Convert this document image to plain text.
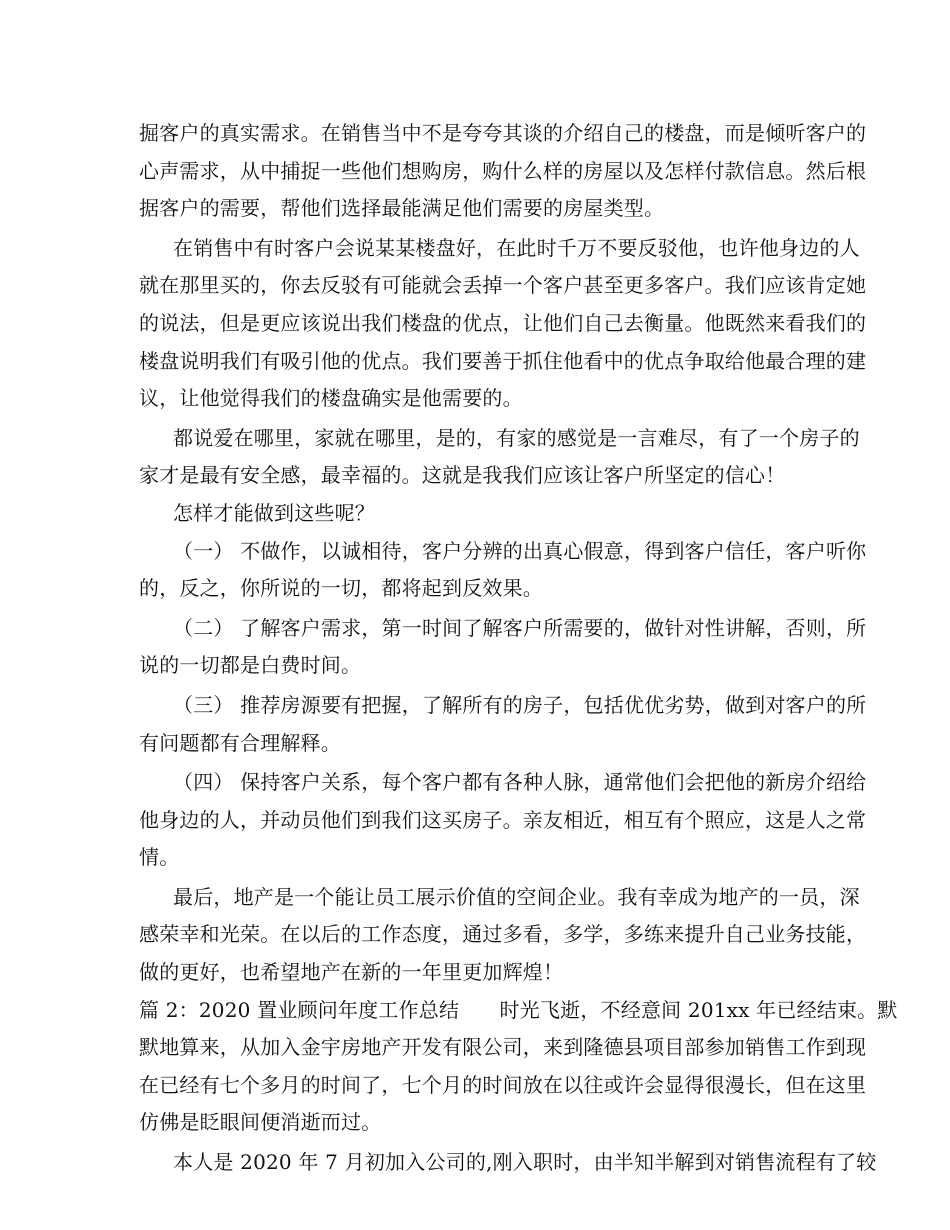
掘客户的真实需求。在销售当中不是夸夸其谈的介绍自己的楼盘，而是倾听客户的
心声需求，从中捕捉一些他们想购房，购什么样的房屋以及怎样付款信息。然后根
据客户的需要，帮他们选择最能满足他们需要的房屋类型。
在销售中有时客户会说某某楼盘好，在此时千万不要反驳他，也许他身边的人
就在那里买的，你去反驳有可能就会丢掉一个客户甚至更多客户。我们应该肯定她
的说法，但是更应该说出我们楼盘的优点，让他们自己去衡量。他既然来看我们的
楼盘说明我们有吸引他的优点。我们要善于抓住他看中的优点争取给他最合理的建
议，让他觉得我们的楼盘确实是他需要的。
都说爱在哪里，家就在哪里，是的，有家的感觉是一言难尽，有了一个房子的
家才是最有安全感，最幸福的。这就是我我们应该让客户所坚定的信心！
怎样才能做到这些呢？
（一） 不做作，以诚相待，客户分辨的出真心假意，得到客户信任，客户听你
的，反之，你所说的一切，都将起到反效果。
（二） 了解客户需求，第一时间了解客户所需要的，做针对性讲解，否则，所
说的一切都是白费时间。
（三） 推荐房源要有把握，了解所有的房子，包括优优劣势，做到对客户的所
有问题都有合理解释。
（四） 保持客户关系，每个客户都有各种人脉，通常他们会把他的新房介绍给
他身边的人，并动员他们到我们这买房子。亲友相近，相互有个照应，这是人之常
情。
最后，地产是一个能让员工展示价值的空间企业。我有幸成为地产的一员，深
感荣幸和光荣。在以后的工作态度，通过多看，多学，多练来提升自己业务技能，
做的更好，也希望地产在新的一年里更加辉煌！
篇 2：2020 置业顾问年度工作总结　　时光飞逝，不经意间 201xx 年已经结束。默
默地算来，从加入金宇房地产开发有限公司，来到隆德县项目部参加销售工作到现
在已经有七个多月的时间了，七个月的时间放在以往或许会显得很漫长，但在这里
仿佛是眨眼间便消逝而过。
本人是 2020 年 7 月初加入公司的,刚入职时，由半知半解到对销售流程有了较
